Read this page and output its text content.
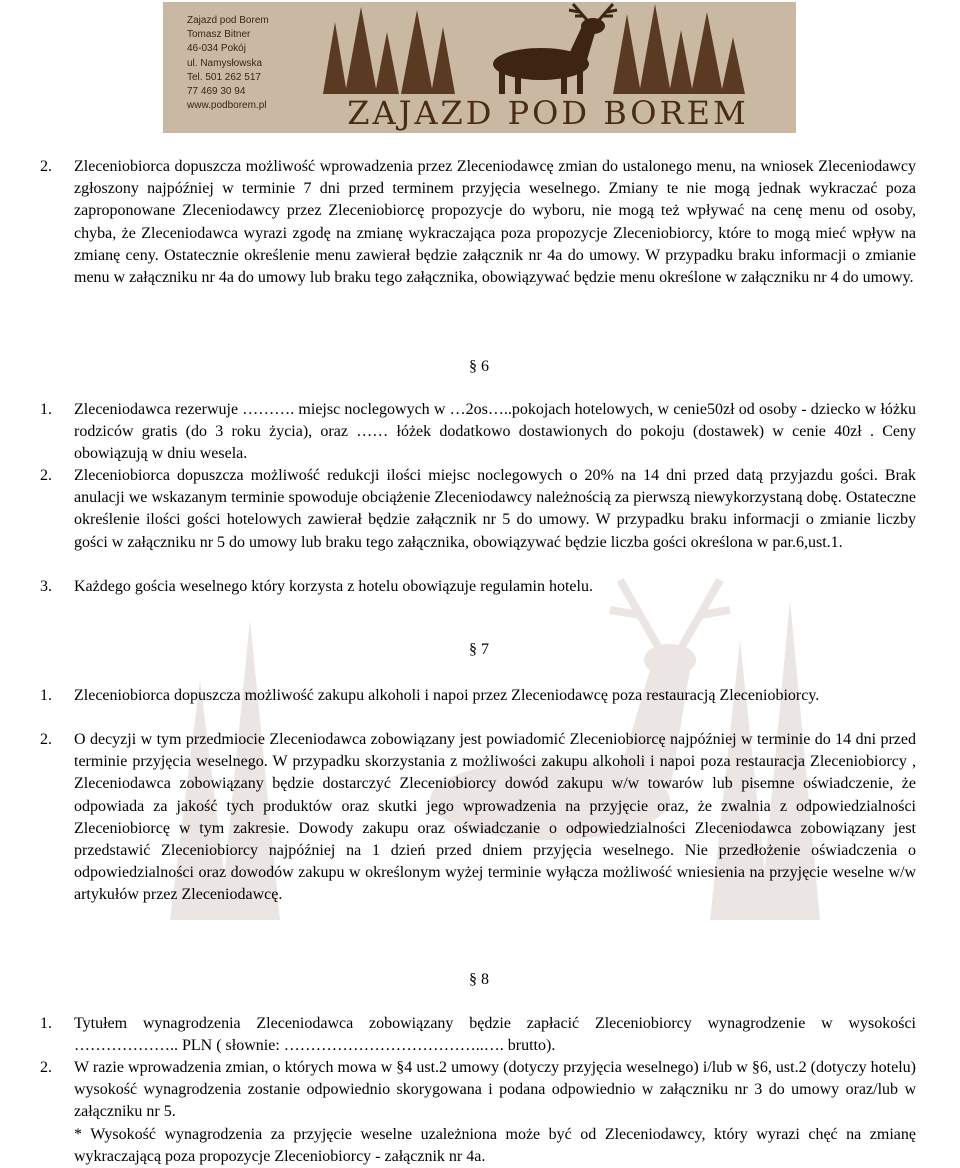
Zajazd pod Borem
Tomasz Bitner
46-034 Pokój
ul. Namysłowska
Tel. 501 262 517
77 469 30 94
www.podborem.pl	ZAJAZD POD BOREM
2. Zleceniobiorca dopuszcza możliwość wprowadzenia przez Zleceniodawcę zmian do ustalonego menu, na wniosek Zleceniodawcy zgłoszony najpóźniej w terminie 7 dni przed terminem przyjęcia weselnego. Zmiany te nie mogą jednak wykraczać poza zaproponowane Zleceniodawcy przez Zleceniobiorcę propozycje do wyboru, nie mogą też wpływać na cenę menu od osoby, chyba, że Zleceniodawca wyrazi zgodę na zmianę wykraczająca poza propozycje Zleceniobiorcy, które to mogą mieć wpływ na zmianę ceny. Ostatecznie określenie menu zawierał będzie załącznik nr 4a do umowy. W przypadku braku informacji o zmianie menu w załączniku nr 4a do umowy lub braku tego załącznika, obowiązywać będzie menu określone w załączniku nr 4 do umowy.
§ 6
1. Zleceniodawca rezerwuje ………. miejsc noclegowych w …2os…..pokojach hotelowych, w cenie50zł od osoby - dziecko w łóżku rodziców gratis (do 3 roku życia), oraz …… łóżek dodatkowo dostawionych do pokoju (dostawek) w cenie 40zł . Ceny obowiązują w dniu wesela.
2. Zleceniobiorca dopuszcza możliwość redukcji ilości miejsc noclegowych o 20% na 14 dni przed datą przyjazdu gości. Brak anulacji we wskazanym terminie spowoduje obciążenie Zleceniodawcy należnością za pierwszą niewykorzystaną dobę. Ostateczne określenie ilości gości hotelowych zawierał będzie załącznik nr 5 do umowy. W przypadku braku informacji o zmianie liczby gości w załączniku nr 5 do umowy lub braku tego załącznika, obowiązywać będzie liczba gości określona w par.6,ust.1.
3. Każdego gościa weselnego który korzysta z hotelu obowiązuje regulamin hotelu.
§ 7
1. Zleceniobiorca dopuszcza możliwość zakupu alkoholi i napoi przez Zleceniodawcę poza restauracją Zleceniobiorcy.
2. O decyzji w tym przedmiocie Zleceniodawca zobowiązany jest powiadomić Zleceniobiorcę najpóźniej w terminie do 14 dni przed terminie przyjęcia weselnego. W przypadku skorzystania z możliwości zakupu alkoholi i napoi poza restauracja Zleceniobiorcy , Zleceniodawca zobowiązany będzie dostarczyć Zleceniobiorcy dowód zakupu w/w towarów lub pisemne oświadczenie, że odpowiada za jakość tych produktów oraz skutki jego wprowadzenia na przyjęcie oraz, że zwalnia z odpowiedzialności Zleceniobiorcę w tym zakresie. Dowody zakupu oraz oświadczanie o odpowiedzialności Zleceniodawca zobowiązany jest przedstawić Zleceniobiorcy najpóźniej na 1 dzień przed dniem przyjęcia weselnego. Nie przedłożenie oświadczenia o odpowiedzialności oraz dowodów zakupu w określonym wyżej terminie wyłącza możliwość wniesienia na przyjęcie weselne w/w artykułów przez Zleceniodawcę.
§ 8
1. Tytułem wynagrodzenia Zleceniodawca zobowiązany będzie zapłacić Zleceniobiorcy wynagrodzenie w wysokości ……………….. PLN ( słownie: ………………………………..…. brutto).
2. W razie wprowadzenia zmian, o których mowa w §4 ust.2 umowy (dotyczy przyjęcia weselnego) i/lub w §6, ust.2 (dotyczy hotelu) wysokość wynagrodzenia zostanie odpowiednio skorygowana i podana odpowiednio w załączniku nr 3 do umowy oraz/lub w załączniku nr 5.
* Wysokość wynagrodzenia za przyjęcie weselne uzależniona może być od Zleceniodawcy, który wyrazi chęć na zmianę wykraczającą poza propozycje Zleceniobiorcy - załącznik nr 4a.
